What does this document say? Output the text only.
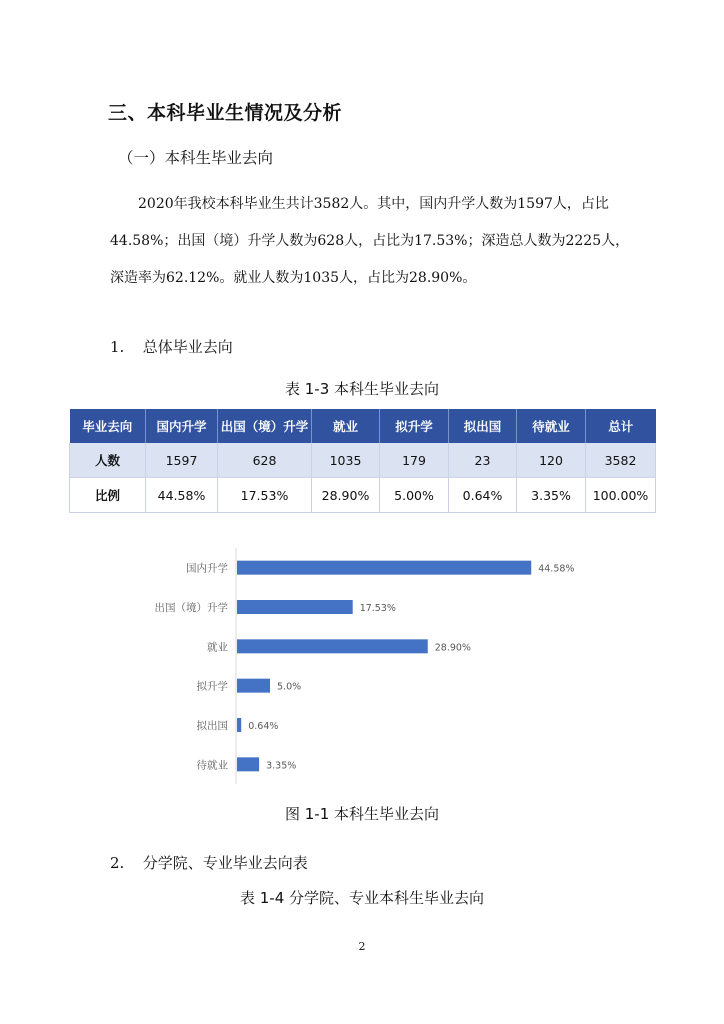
三、本科毕业生情况及分析
（一）本科生毕业去向
2020年我校本科毕业生共计3582人。其中，国内升学人数为1597人，占比
44.58%；出国（境）升学人数为628人，占比为17.53%；深造总人数为2225人，
深造率为62.12%。就业人数为1035人，占比为28.90%。
1. 总体毕业去向
表 1-3 本科生毕业去向
毕业去向	国内升学	出国（境）升学	就业	拟升学	拟出国	待就业	总计
人数	1597	628	1035	179	23	120	3582
比例	44.58%	17.53%	28.90%	5.00%	0.64%	3.35%	100.00%
国内升学	44.58%
出国（境）升学	17.53%
就业	28.90%
拟升学	5.0%
拟出国 0.64%
待就业	3.35%
图 1-1 本科生毕业去向
2. 分学院、专业毕业去向表
表 1-4 分学院、专业本科生毕业去向
2
